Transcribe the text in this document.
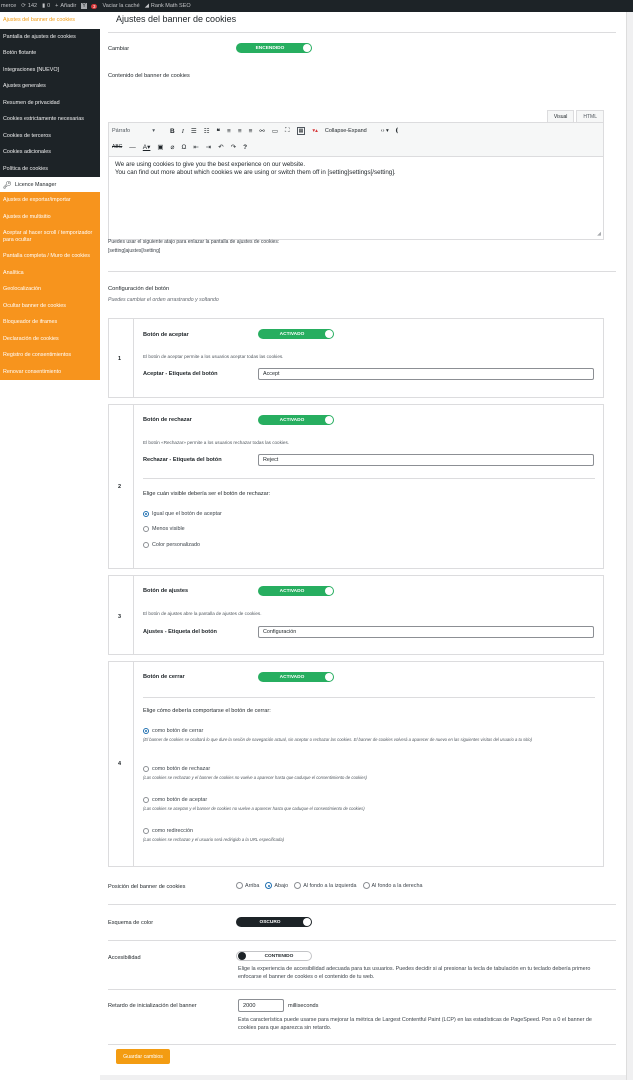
merce ⟳ 142 ▮ 0 + Añadir Y	3	Vaciar la caché ◢ Rank Math SEO
Ajustes del banner de cookies
Pantalla de ajustes de cookies
Botón flotante
Integraciones [NUEVO]
Ajustes generales
Resumen de privacidad
Cookies estrictamente necesarias
Cookies de terceros
Cookies adicionales
Política de cookies
🔑︎ Licence Manager
Ajustes de exportar/importar
Ajustes de multisitio
Aceptar al hacer scroll / temporizador para ocultar
Pantalla completa / Muro de cookies
Analítica
Geolocalización
Ocultar banner de cookies
Bloqueador de iframes
Declaración de cookies
Registro de consentimientos
Renovar consentimiento
Ajustes del banner de cookies
Cambiar	ENCENDIDO
Contenido del banner de cookies
Visual	HTML
Párrafo	▾ B I ☰ ☷ ❝ ≡ ≡ ≡ ⚯ ▭ ⛶	▦	▾▴ Collapse-Expand	‹› ▾ ⦅
ABC — A▾ ▣ ⌀ Ω ⇤ ⇥ ↶ ↷ ?
We are using cookies to give you the best experience on our website.
You can find out more about which cookies we are using or switch them off in [setting]settings[/setting].
◢
Puedes usar el siguiente atajo para enlazar la pantalla de ajustes de cookies:
[setting]ajustes[/setting]
Configuración del botón
Puedes cambiar el orden arrastrando y soltando
1
Botón de aceptar	ACTIVADO
El botón de aceptar permite a los usuarios aceptar todas las cookies.
Aceptar - Etiqueta del botón	Accept
2
Botón de rechazar	ACTIVADO
El botón «Rechazar» permite a los usuarios rechazar todas las cookies.
Rechazar - Etiqueta del botón	Reject
Elige cuán visible debería ser el botón de rechazar:
Igual que el botón de aceptar
Menos visible
Color personalizado
3
Botón de ajustes	ACTIVADO
El botón de ajustes abre la pantalla de ajustes de cookies.
Ajustes - Etiqueta del botón	Configuración
4
Botón de cerrar	ACTIVADO
Elige cómo debería comportarse el botón de cerrar:
como botón de cerrar
(El banner de cookies se ocultará lo que dure la sesión de navegación actual, sin aceptar o rechazar las cookies. El banner de cookies volverá a aparecer de nuevo en las siguientes visitas del usuario a tu sitio)
como botón de rechazar
(Las cookies se rechazan y el banner de cookies no vuelve a aparecer hasta que caduque el consentimiento de cookies)
como botón de aceptar
(Las cookies se aceptan y el banner de cookies no vuelve a aparecer hasta que caduque el consentimiento de cookies)
como redirección
(Las cookies se rechazan y el usuario será redirigido a la URL especificada)
Posición del banner de cookies	Arriba	Abajo	Al fondo a la izquierda	Al fondo a la derecha
Esquema de color	OSCURO
Accesibilidad	CONTENIDO
Elige la experiencia de accesibilidad adecuada para tus usuarios. Puedes decidir si al presionar la tecla de tabulación en tu teclado debería primero enfocarse el banner de cookies o el contenido de tu web.
Retardo de inicialización del banner	2000	milliseconds
Esta característica puede usarse para mejorar la métrica de Largest Contentful Paint (LCP) en las estadísticas de PageSpeed. Pon a 0 el banner de cookies para que aparezca sin retardo.
Guardar cambios
